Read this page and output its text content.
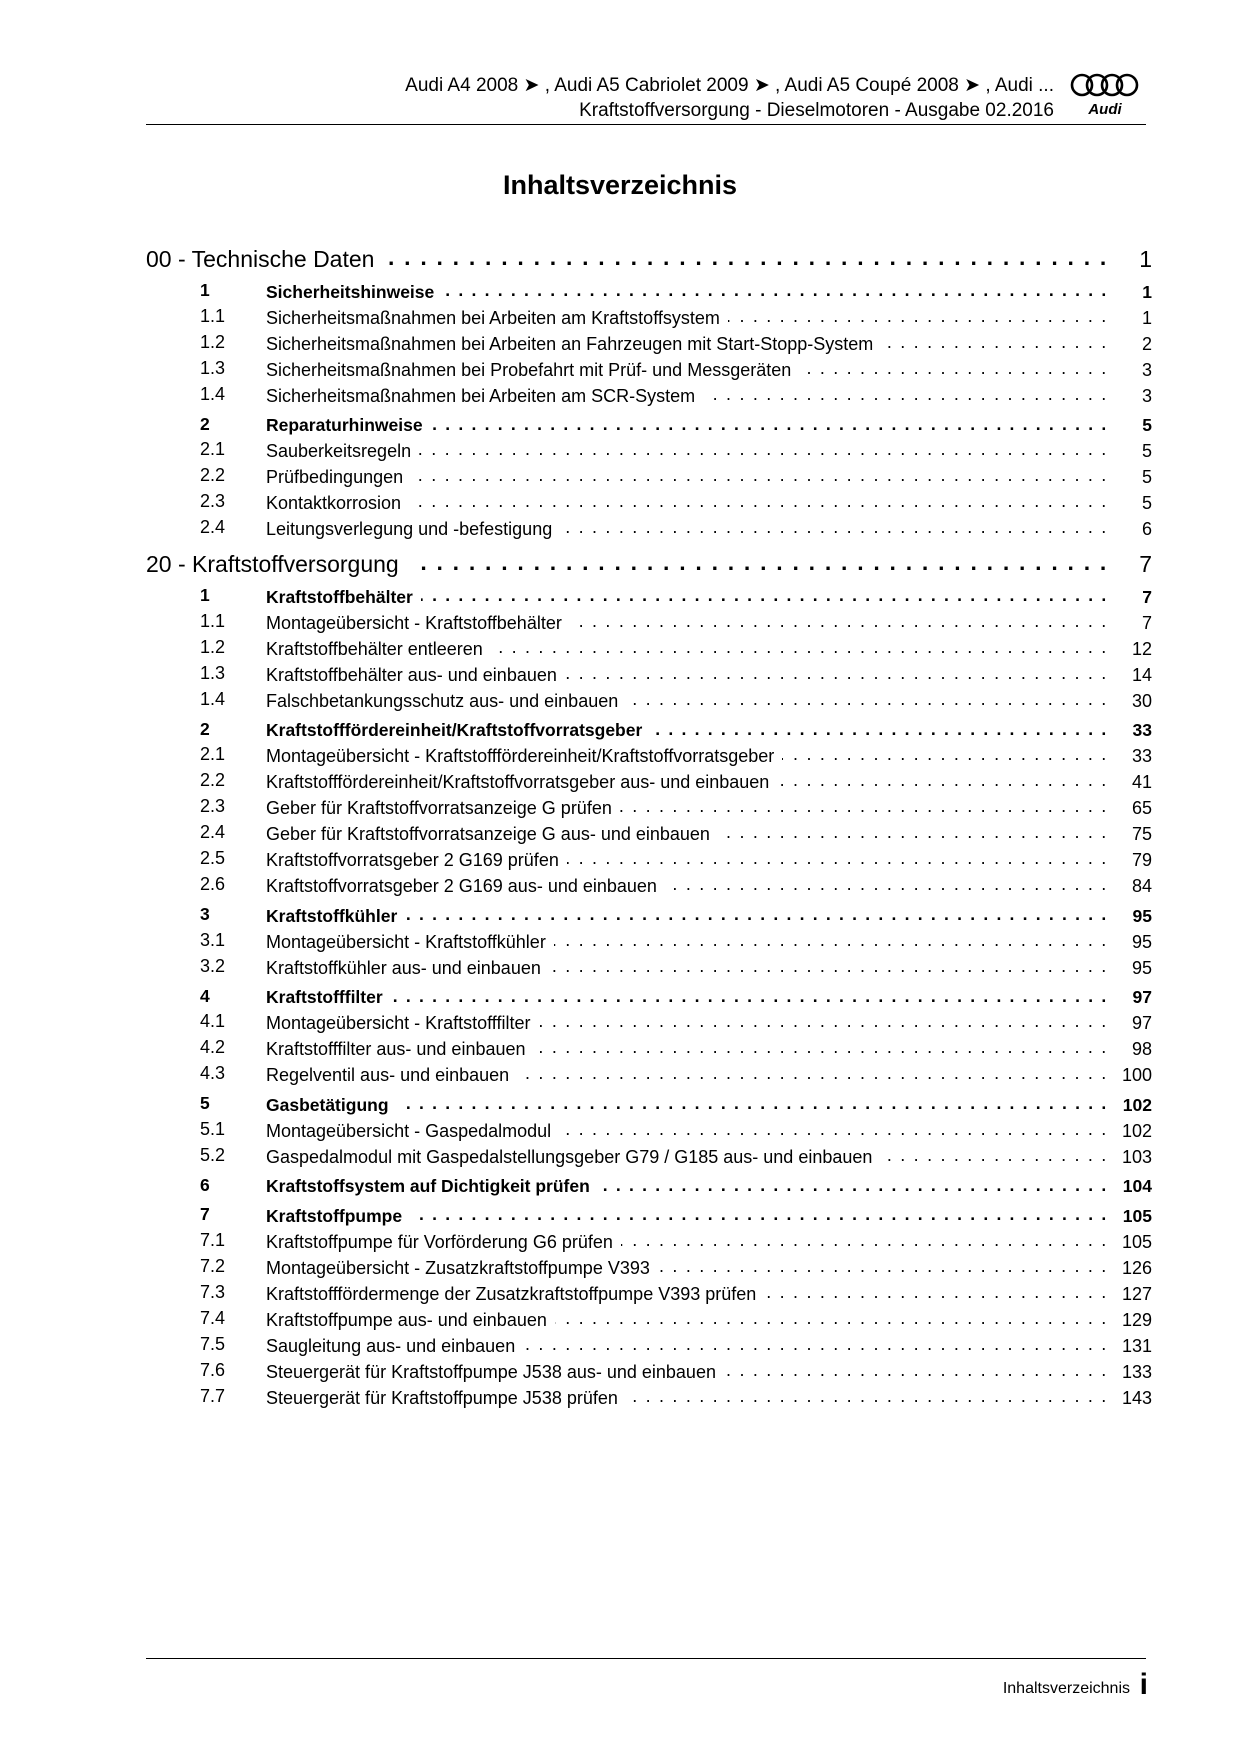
Audi A4 2008 ➤ , Audi A5 Cabriolet 2009 ➤ , Audi A5 Coupé 2008 ➤ , Audi ...
Kraftstoffversorgung - Dieselmotoren - Ausgabe 02.2016 Audi
Inhaltsverzeichnis
00 - Technische Daten . . .	1
1	Sicherheitshinweise . . .	1
1.1 Sicherheitsmaßnahmen bei Arbeiten am Kraftstoffsystem . . .	1
1.2 Sicherheitsmaßnahmen bei Arbeiten an Fahrzeugen mit Start-Stopp-System . . .	2
1.3 Sicherheitsmaßnahmen bei Probefahrt mit Prüf- und Messgeräten . . .	3
1.4 Sicherheitsmaßnahmen bei Arbeiten am SCR-System . . .	3
2	Reparaturhinweise . . .	5
2.1 Sauberkeitsregeln . . .	5
2.2 Prüfbedingungen . . .	5
2.3 Kontaktkorrosion . . .	5
2.4 Leitungsverlegung und -befestigung . . .	6
20 - Kraftstoffversorgung . . .	7
1	Kraftstoffbehälter . . .	7
1.1 Montageübersicht - Kraftstoffbehälter . . .	7
1.2 Kraftstoffbehälter entleeren . . .	12
1.3 Kraftstoffbehälter aus- und einbauen . . .	14
1.4 Falschbetankungsschutz aus- und einbauen . . .	30
2	Kraftstofffördereinheit/Kraftstoffvorratsgeber . . .	33
2.1 Montageübersicht - Kraftstofffördereinheit/Kraftstoffvorratsgeber . . .	33
2.2 Kraftstofffördereinheit/Kraftstoffvorratsgeber aus- und einbauen . . .	41
2.3 Geber für Kraftstoffvorratsanzeige G prüfen . . .	65
2.4 Geber für Kraftstoffvorratsanzeige G aus- und einbauen . . .	75
2.5 Kraftstoffvorratsgeber 2 G169 prüfen . . .	79
2.6 Kraftstoffvorratsgeber 2 G169 aus- und einbauen . . .	84
3	Kraftstoffkühler . . .	95
3.1 Montageübersicht - Kraftstoffkühler . . .	95
3.2 Kraftstoffkühler aus- und einbauen . . .	95
4	Kraftstofffilter . . .	97
4.1 Montageübersicht - Kraftstofffilter . . .	97
4.2 Kraftstofffilter aus- und einbauen . . .	98
4.3 Regelventil aus- und einbauen . . .	100
5	Gasbetätigung . . .	102
5.1 Montageübersicht - Gaspedalmodul . . .	102
5.2 Gaspedalmodul mit Gaspedalstellungsgeber G79 / G185 aus- und einbauen . . .	103
6	Kraftstoffsystem auf Dichtigkeit prüfen . . .	104
7	Kraftstoffpumpe . . .	105
7.1 Kraftstoffpumpe für Vorförderung G6 prüfen . . .	105
7.2 Montageübersicht - Zusatzkraftstoffpumpe V393 . . .	126
7.3 Kraftstofffördermenge der Zusatzkraftstoffpumpe V393 prüfen . . .	127
7.4 Kraftstoffpumpe aus- und einbauen . . .	129
7.5 Saugleitung aus- und einbauen . . .	131
7.6 Steuergerät für Kraftstoffpumpe J538 aus- und einbauen . . .	133
7.7 Steuergerät für Kraftstoffpumpe J538 prüfen . . .	143
Inhaltsverzeichnis i
